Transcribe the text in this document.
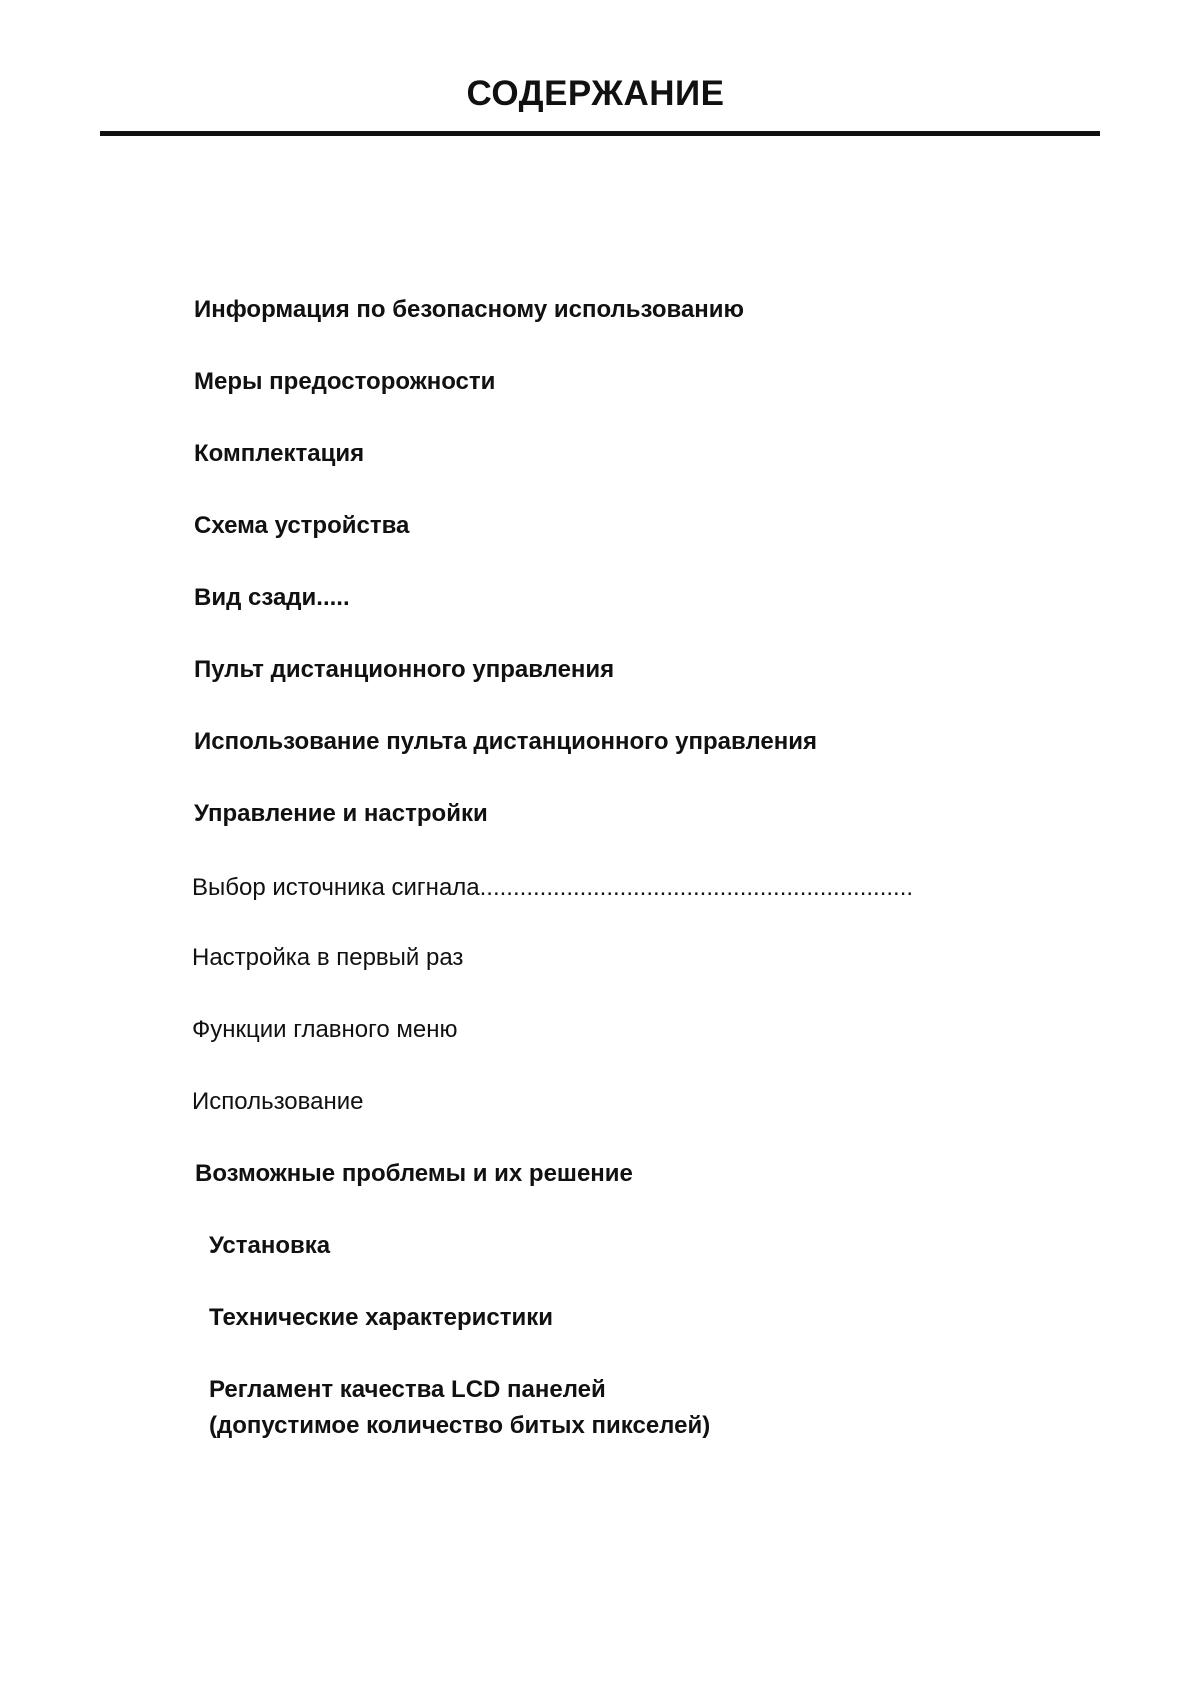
СОДЕРЖАНИЕ
Информация по безопасному использованию
Меры предосторожности
Комплектация
Схема устройства
Вид сзади.....
Пульт дистанционного управления
Использование пульта дистанционного управления
Управление и настройки
Выбор источника сигнала.................................................................
Настройка в первый раз
Функции главного меню
Использование
Возможные проблемы и их решение
Установка
Технические характеристики
Регламент качества LCD панелей
(допустимое количество битых пикселей)
